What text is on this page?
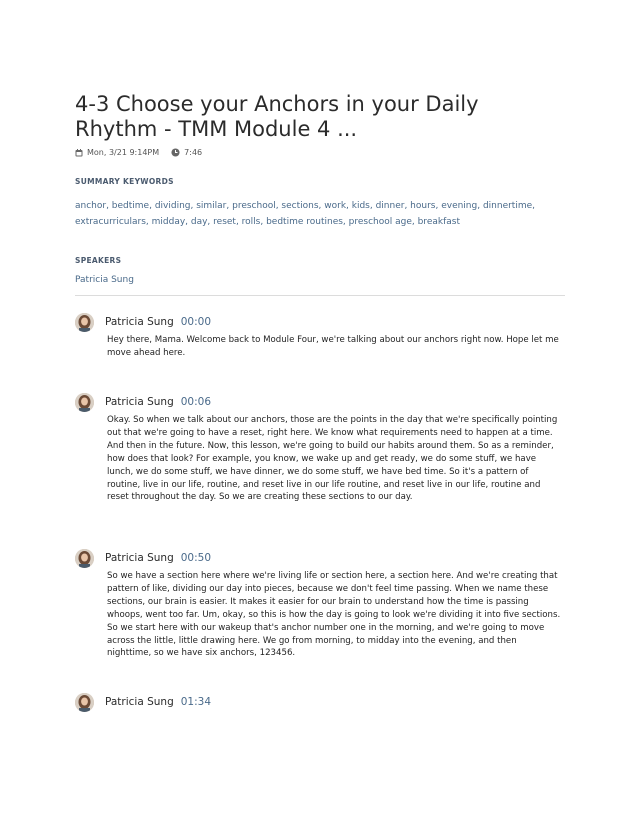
4-3 Choose your Anchors in your Daily Rhythm - TMM Module 4 ...
Mon, 3/21 9:14PM	7:46
SUMMARY KEYWORDS
anchor, bedtime, dividing, similar, preschool, sections, work, kids, dinner, hours, evening, dinnertime, extracurriculars, midday, day, reset, rolls, bedtime routines, preschool age, breakfast
SPEAKERS
Patricia Sung
Patricia Sung 00:00
Hey there, Mama. Welcome back to Module Four, we're talking about our anchors right now. Hope let me move ahead here.
Patricia Sung 00:06
Okay. So when we talk about our anchors, those are the points in the day that we're specifically pointing out that we're going to have a reset, right here. We know what requirements need to happen at a time. And then in the future. Now, this lesson, we're going to build our habits around them. So as a reminder, how does that look? For example, you know, we wake up and get ready, we do some stuff, we have lunch, we do some stuff, we have dinner, we do some stuff, we have bed time. So it's a pattern of routine, live in our life, routine, and reset live in our life routine, and reset live in our life, routine and reset throughout the day. So we are creating these sections to our day.
Patricia Sung 00:50
So we have a section here where we're living life or section here, a section here. And we're creating that pattern of like, dividing our day into pieces, because we don't feel time passing. When we name these sections, our brain is easier. It makes it easier for our brain to understand how the time is passing whoops, went too far. Um, okay, so this is how the day is going to look we're dividing it into five sections. So we start here with our wakeup that's anchor number one in the morning, and we're going to move across the little, little drawing here. We go from morning, to midday into the evening, and then nighttime, so we have six anchors, 123456.
Patricia Sung 01:34
